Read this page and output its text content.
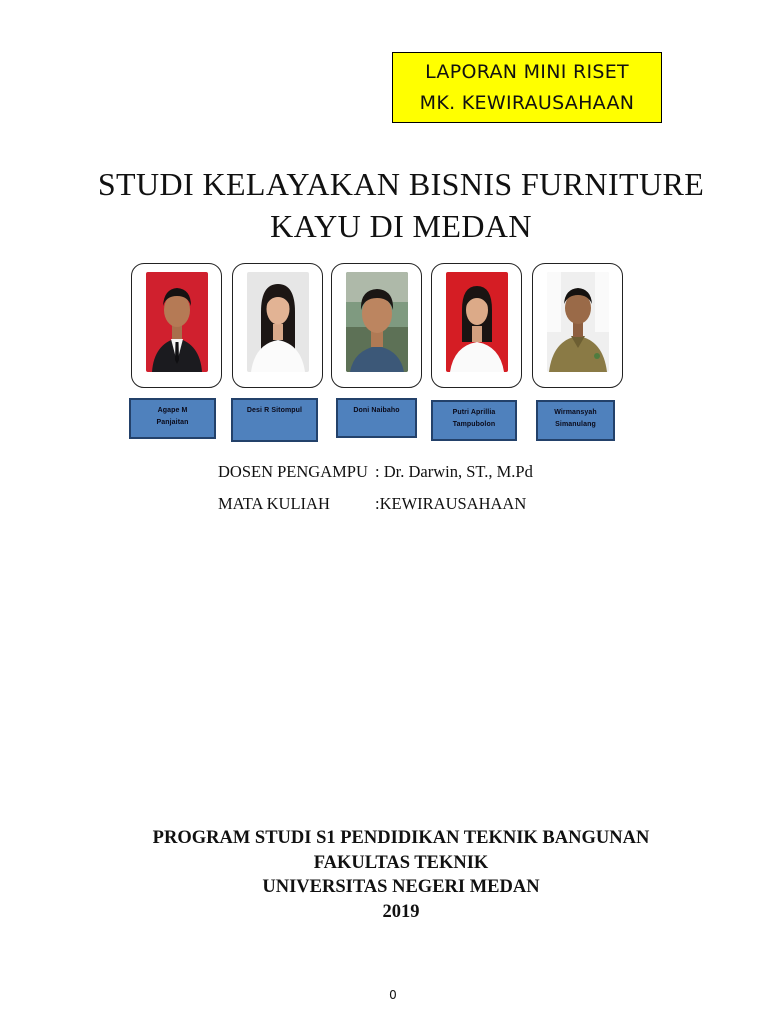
LAPORAN MINI RISET
MK. KEWIRAUSAHAAN
STUDI KELAYAKAN BISNIS FURNITURE
KAYU DI MEDAN
Agape M
Panjaitan
Desi R Sitompul	Doni Naibaho	Putri Aprillia
Tampubolon
Wirmansyah
Simanulang
DOSEN PENGAMPU : Dr. Darwin, ST., M.Pd
MATA KULIAH	:KEWIRAUSAHAAN
PROGRAM STUDI S1 PENDIDIKAN TEKNIK BANGUNAN
FAKULTAS TEKNIK
UNIVERSITAS NEGERI MEDAN
2019
0
